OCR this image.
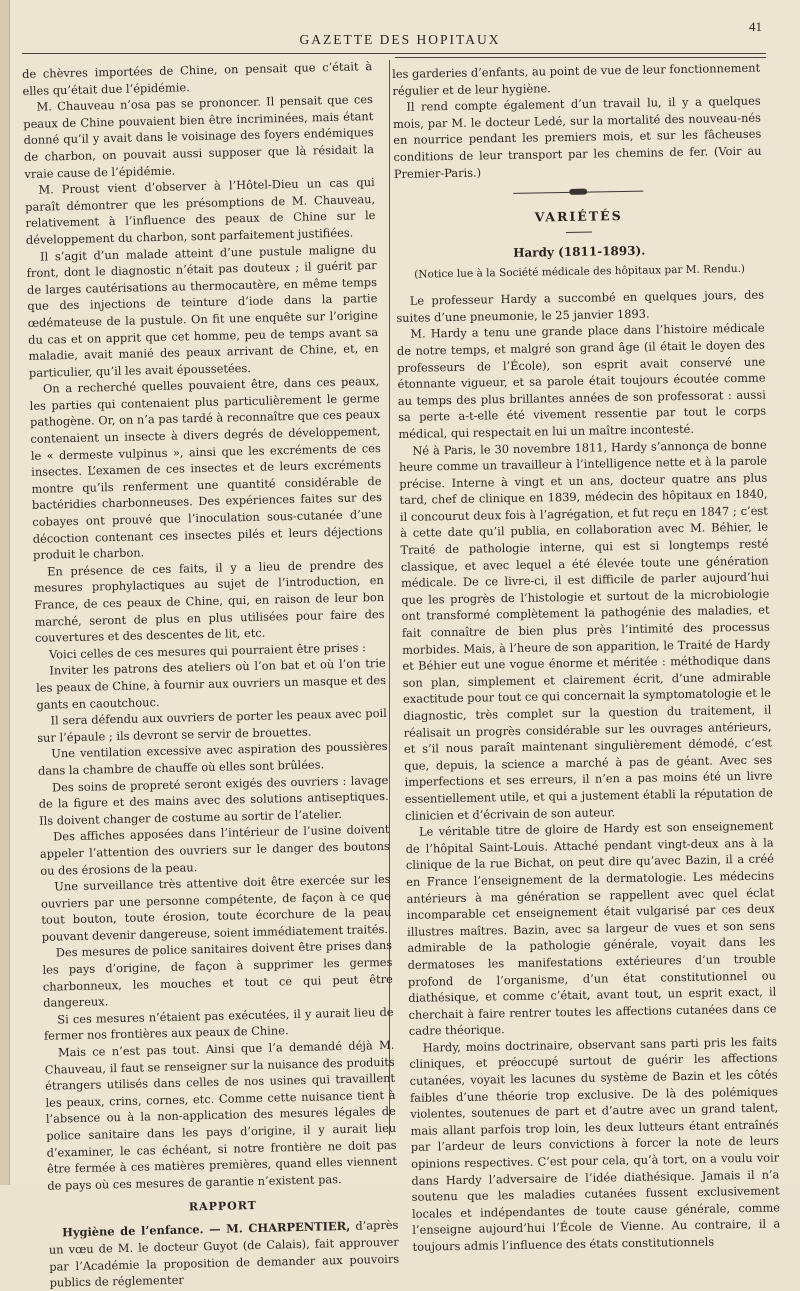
41
GAZETTE DES HOPITAUX

de chèvres importées de Chine, on pensait que c’était à elles qu’était due l’épidémie.

M. Chauveau n’osa pas se prononcer. Il pensait que ces peaux de Chine pouvaient bien être incriminées, mais étant donné qu’il y avait dans le voisinage des foyers endémiques de charbon, on pouvait aussi supposer que là résidait la vraie cause de l’épidémie.

M. Proust vient d’observer à l’Hôtel-Dieu un cas qui paraît démontrer que les présomptions de M. Chauveau, relativement à l’influence des peaux de Chine sur le développement du charbon, sont parfaitement justifiées.

Il s’agit d’un malade atteint d’une pustule maligne du front, dont le diagnostic n’était pas douteux ; il guérit par de larges cautérisations au thermocautère, en même temps que des injections de teinture d’iode dans la partie œdémateuse de la pustule. On fit une enquête sur l’origine du cas et on apprit que cet homme, peu de temps avant sa maladie, avait manié des peaux arrivant de Chine, et, en particulier, qu’il les avait époussetées.

On a recherché quelles pouvaient être, dans ces peaux, les parties qui contenaient plus particulièrement le germe pathogène. Or, on n’a pas tardé à reconnaître que ces peaux contenaient un insecte à divers degrés de développement, le « dermeste vulpinus », ainsi que les excréments de ces insectes. L’examen de ces insectes et de leurs excréments montre qu’ils renferment une quantité considérable de bactéridies charbonneuses. Des expériences faites sur des cobayes ont prouvé que l’inoculation sous-cutanée d’une décoction contenant ces insectes pilés et leurs déjections produit le charbon.

En présence de ces faits, il y a lieu de prendre des mesures prophylactiques au sujet de l’introduction, en France, de ces peaux de Chine, qui, en raison de leur bon marché, seront de plus en plus utilisées pour faire des couvertures et des descentes de lit, etc.

Voici celles de ces mesures qui pourraient être prises :

Inviter les patrons des ateliers où l’on bat et où l’on trie les peaux de Chine, à fournir aux ouvriers un masque et des gants en caoutchouc.

Il sera défendu aux ouvriers de porter les peaux avec poil sur l’épaule ; ils devront se servir de brouettes.

Une ventilation excessive avec aspiration des poussières dans la chambre de chauffe où elles sont brûlées.

Des soins de propreté seront exigés des ouvriers : lavage de la figure et des mains avec des solutions antiseptiques. Ils doivent changer de costume au sortir de l’atelier.

Des affiches apposées dans l’intérieur de l’usine doivent appeler l’attention des ouvriers sur le danger des boutons ou des érosions de la peau.

Une surveillance très attentive doit être exercée sur les ouvriers par une personne compétente, de façon à ce que tout bouton, toute érosion, toute écorchure de la peau pouvant devenir dangereuse, soient immédiatement traités.

Des mesures de police sanitaires doivent être prises dans les pays d’origine, de façon à supprimer les germes charbonneux, les mouches et tout ce qui peut être dangereux.

Si ces mesures n’étaient pas exécutées, il y aurait lieu de fermer nos frontières aux peaux de Chine.

Mais ce n’est pas tout. Ainsi que l’a demandé déjà M. Chauveau, il faut se renseigner sur la nuisance des produits étrangers utilisés dans celles de nos usines qui travaillent les peaux, crins, cornes, etc. Comme cette nuisance tient à l’absence ou à la non-application des mesures légales de police sanitaire dans les pays d’origine, il y aurait lieu d’examiner, le cas échéant, si notre frontière ne doit pas être fermée à ces matières premières, quand elles viennent de pays où ces mesures de garantie n’existent pas.

RAPPORT

Hygiène de l’enfance. — M. CHARPENTIER, d’après un vœu de M. le docteur Guyot (de Calais), fait approuver par l’Académie la proposition de demander aux pouvoirs publics de réglementer

les garderies d’enfants, au point de vue de leur fonctionnement régulier et de leur hygiène.

Il rend compte également d’un travail lu, il y a quelques mois, par M. le docteur Ledé, sur la mortalité des nouveau-nés en nourrice pendant les premiers mois, et sur les fâcheuses conditions de leur transport par les chemins de fer. (Voir au Premier-Paris.)

VARIÉTÉS
Hardy (1811-1893).
(Notice lue à la Société médicale des hôpitaux par M. Rendu.)

Le professeur Hardy a succombé en quelques jours, des suites d’une pneumonie, le 25 janvier 1893.

M. Hardy a tenu une grande place dans l’histoire médicale de notre temps, et malgré son grand âge (il était le doyen des professeurs de l’École), son esprit avait conservé une étonnante vigueur, et sa parole était toujours écoutée comme au temps des plus brillantes années de son professorat : aussi sa perte a-t-elle été vivement ressentie par tout le corps médical, qui respectait en lui un maître incontesté.

Né à Paris, le 30 novembre 1811, Hardy s’annonça de bonne heure comme un travailleur à l’intelligence nette et à la parole précise. Interne à vingt et un ans, docteur quatre ans plus tard, chef de clinique en 1839, médecin des hôpitaux en 1840, il concourut deux fois à l’agrégation, et fut reçu en 1847 ; c’est à cette date qu’il publia, en collaboration avec M. Béhier, le Traité de pathologie interne, qui est si longtemps resté classique, et avec lequel a été élevée toute une génération médicale. De ce livre-ci, il est difficile de parler aujourd’hui que les progrès de l’histologie et surtout de la microbiologie ont transformé complètement la pathogénie des maladies, et fait connaître de bien plus près l’intimité des processus morbides. Mais, à l’heure de son apparition, le Traité de Hardy et Béhier eut une vogue énorme et méritée : méthodique dans son plan, simplement et clairement écrit, d’une admirable exactitude pour tout ce qui concernait la symptomatologie et le diagnostic, très complet sur la question du traitement, il réalisait un progrès considérable sur les ouvrages antérieurs, et s’il nous paraît maintenant singulièrement démodé, c’est que, depuis, la science a marché à pas de géant. Avec ses imperfections et ses erreurs, il n’en a pas moins été un livre essentiellement utile, et qui a justement établi la réputation de clinicien et d’écrivain de son auteur.

Le véritable titre de gloire de Hardy est son enseignement de l’hôpital Saint-Louis. Attaché pendant vingt-deux ans à la clinique de la rue Bichat, on peut dire qu’avec Bazin, il a créé en France l’enseignement de la dermatologie. Les médecins antérieurs à ma génération se rappellent avec quel éclat incomparable cet enseignement était vulgarisé par ces deux illustres maîtres. Bazin, avec sa largeur de vues et son sens admirable de la pathologie générale, voyait dans les dermatoses les manifestations extérieures d’un trouble profond de l’organisme, d’un état constitutionnel ou diathésique, et comme c’était, avant tout, un esprit exact, il cherchait à faire rentrer toutes les affections cutanées dans ce cadre théorique.

Hardy, moins doctrinaire, observant sans parti pris les faits cliniques, et préoccupé surtout de guérir les affections cutanées, voyait les lacunes du système de Bazin et les côtés faibles d’une théorie trop exclusive. De là des polémiques violentes, soutenues de part et d’autre avec un grand talent, mais allant parfois trop loin, les deux lutteurs étant entraînés par l’ardeur de leurs convictions à forcer la note de leurs opinions respectives. C’est pour cela, qu’à tort, on a voulu voir dans Hardy l’adversaire de l’idée diathésique. Jamais il n’a soutenu que les maladies cutanées fussent exclusivement locales et indépendantes de toute cause générale, comme l’enseigne aujourd’hui l’École de Vienne. Au contraire, il a toujours admis l’influence des états constitutionnels
